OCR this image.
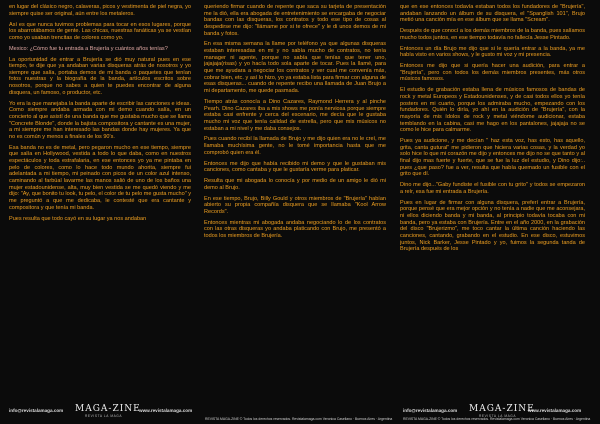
en lugar del clásico negro, calaveras, picos y vestimenta de piel negra, yo siempre quise ser original, aún entre los metaleros.

Así es que nunca tuvimos problemas para tocar en esos lugares, porque los abarrotábamos de gente. Las chicas, nuestras fanáticas ya se vestían como yo usaban trencitas de colores como yo.

Mexico: ¿Cómo fue tu entrada a Brujería y cuántos años tenías?

La oportunidad de entrar a Brujería se dió muy natural pues en ese tiempo, te dije que ya andaban varias disqueras atrás de nosotros y yo siempre que salía, portaba demos de mi banda o paquetes que tenían fotos nuestras y la biografía de la banda, artículos escritos sobre nosotros, porque no sabes a quien te puedes encontrar de alguna disquera, un famoso, o productor, etc.

Yo era la que manejaba la banda aparte de escribir las canciones e ideas. Como siempre andaba armada con mi demo cuando salía, en un concierto al que asistí de una banda que me gustaba mucho que se llama "Concrete Blonde", donde la bajista compositora y cantante es una mujer, a mi siempre me han interesado las bandas donde hay mujeres. Ya que no es común y menos a finales de los 90's.

Esa banda no es de metal, pero pegaron mucho en ese tiempo, siempre que salía en Hollywood, vestida a todo lo que daba, como en nuestros espectáculos y toda estrafalaria, en ese entonces yo ya me pintaba en pelo de colores, como lo hace todo mundo ahorita, siempre fui adelantada a mi tiempo, mi peinado con picos de un color azul intenso, caminando al farbúal lavarme las manos salió de uno de los baños una mujer estadounidense, alta, muy bien vestida se me quedó viendo y me dijo: "Ay, que bonito tu look, tu pelo, el color de tu pelo me gusta mucho" y me preguntó a que me dedicaba, le contesté que era cantante y compositora y que tenía mi banda.

Pues resulta que todo cayó en su lugar ya nos andaban

queriendo firmar cuando de repente que saca su tarjeta de presentación me la dió, ella era abogada de entretenimiento se encargaba de negociar bandas con las disqueras, los contratos y todo ese tipo de cosas al despedirse me dijo: "llámame por si te ofrece" y le di unos demos de mi banda y fotos.

En esa misma semana la llame por teléfono ya que algunas disqueras estaban interesadas en mi y no sabía mucho de contratos, no tenía manager ni agente, porque no sabía que tenías que tener uno, jajajaja(risas) y yo hacía todo sola aparte de tocar. Pues la llamé, para que me ayudara a negociar los contratos y ver cual me convenía más, cobrar bien, etc. y así lo hizo, yo ya estaba lista para firmar con alguna de esas disqueras... cuando de repente recibo una llamada de Juan Brujo a mi departamento, me quede pasmada.

Tiempo atrás conocía a Dino Cazares, Raymond Herrera y al pinche Pearh. Dino Cazares iba a mis shows me ponía nerviosa porque siempre estaba casi enfrente y cerca del escenario, me decía que le gustaba mucho mi voz que tenía calidad de estrella, pero que mis músicos no estaban a mi nivel y me daba consejos.

Pues cuando recibí la llamada de Brujo y me dijo quien era no le creí, me llamaba muchísima gente, no le tomé importancia hasta que me comprobó quien era él.

Entonces me dijo que había recibido mi demo y que le gustaban mis canciones, como cantaba y que le gustaría verme para platicar.

Resulta que mi abogada lo conocía y por medio de un amigo le dió mi demo al Brujo.

En ese tiempo, Brujo, Billy Gould y otros miembros de "Brujería" habían abierto su propia compañía disquera que se llamaba "Kool Arrow Records".

Entonces mientras mi abogada andaba negociando lo de los contratos con las otras disqueras yo andaba platicando con Brujo, me presentó a todos los miembros de Brujería.

que en ese entonces todavía estaban todos los fundadores de "Brujería", andaban lanzando un álbum de su disquera, el "Spanglish 101", Brujo metió una canción mía en ese álbum que se llama "Scream".

Después de que conocí a los demás miembros de la banda, pues salíamos mucho todos juntos, en ese tiempo todavía no fallecía Jesse Pintado.

Entonces un día Brujo me dijo que si le quería entrar a la banda, ya me había visto en varios shows, y le gusto mi voz y mi presencia.

Entonces me dijo que si quería hacer una audición, para entrar a "Brujería", pero con todos los demás miembros presentes, más otros músicos famosos.

El estudio de grabación estaba llena de músicos famosos de bandas de rock y metal Europeos y Estadounidenses, y de casi todos ellos yo tenía posters en mi cuarto, porque los admiraba mucho, empezando con los fundadores. Quién lo diría, yo ahí en la audición de "Brujería", con la mayoría de mis ídolos de rock y metal viéndome audicionar, estaba temblando en la cabina, casi me hago en los pantalones, jajajaja no se como le hice para calmarme.

Pues ya audicione, y me decían " haz esta voz, has esto, has aquello, grita, canta gutural" me pidieron que hiciera varias cosas, y la verdad yo solo hice lo que mi corazón me dijo y entonces me dijo no se que tanto y al final dijo mas fuerte y fuerte, que se fue la luz del estudio, y Dino dijo:.. pues ¿que paso? fue a ver, resulta que había quemado un fusible con el grito que dí.

Dino me dijo..."Gaby fundiste el fusible con tu grito" y todos se empezaron a reír, esa fue mi entrada a Brujería.

Pues en lugar de firmar con alguna disquera, preferí entrar a Brujería, porque pensé que era mejor opción y no tenía a nadie que me aconsejara, ni ellos diciendo banda y mi banda, al principio todavía tocaba con mi banda, pero ya estaba con Brujería. Entre en el año 2000, en la grabación del disco "Brujerizmo", me toco cantar la última canción haciendo las canciones, cantando, grabando en el estudio. En ese disco, estuvimos juntos, Nick Barker, Jesse Pintado y yo, fuimos la segunda tanda de Brujería después de los

info@revistalamaga.com MAGA-ZINE
REVISTA LA MAGA
www.revistalamaga.com
REVISTA MAGA-ZINE © Todos los derechos reservados. Revistalamaga.com Veronica Casellano · Buenos Aires · Argentina
info@revistalamaga.com MAGA-ZINE
REVISTA LA MAGA
www.revistalamaga.com
REVISTA MAGA-ZINE © Todos los derechos reservados. Revistalamaga.com Veronica Casellano · Buenos Aires · Argentina
